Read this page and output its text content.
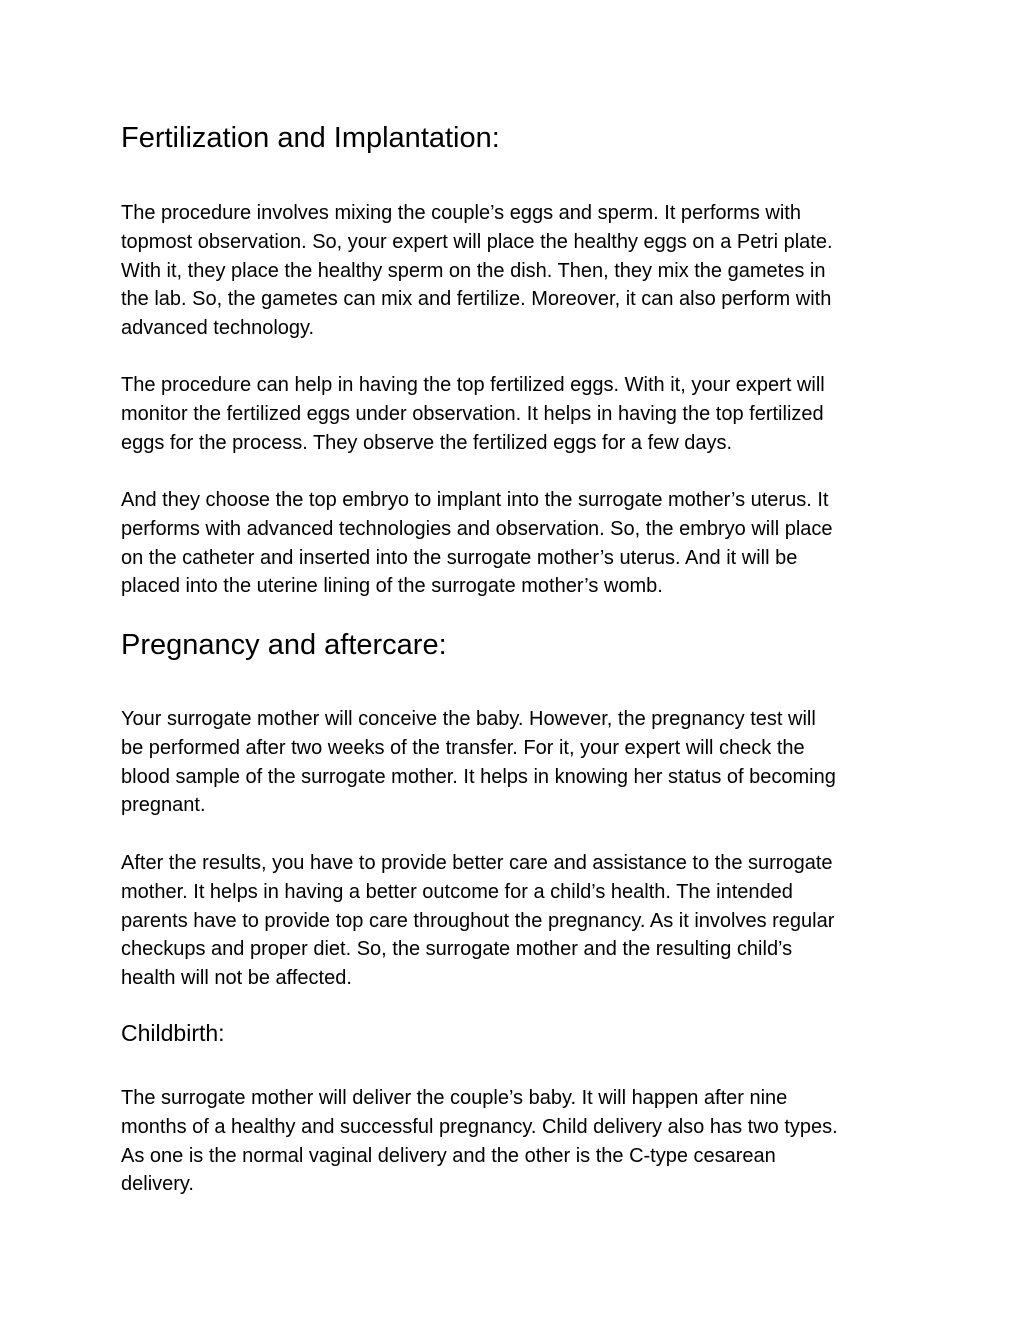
Fertilization and Implantation:

The procedure involves mixing the couple’s eggs and sperm. It performs with
topmost observation. So, your expert will place the healthy eggs on a Petri plate.
With it, they place the healthy sperm on the dish. Then, they mix the gametes in
the lab. So, the gametes can mix and fertilize. Moreover, it can also perform with
advanced technology.

The procedure can help in having the top fertilized eggs. With it, your expert will
monitor the fertilized eggs under observation. It helps in having the top fertilized
eggs for the process. They observe the fertilized eggs for a few days.

And they choose the top embryo to implant into the surrogate mother’s uterus. It
performs with advanced technologies and observation. So, the embryo will place
on the catheter and inserted into the surrogate mother’s uterus. And it will be
placed into the uterine lining of the surrogate mother’s womb.

Pregnancy and aftercare:

Your surrogate mother will conceive the baby. However, the pregnancy test will
be performed after two weeks of the transfer. For it, your expert will check the
blood sample of the surrogate mother. It helps in knowing her status of becoming
pregnant.

After the results, you have to provide better care and assistance to the surrogate
mother. It helps in having a better outcome for a child’s health. The intended
parents have to provide top care throughout the pregnancy. As it involves regular
checkups and proper diet. So, the surrogate mother and the resulting child’s
health will not be affected.

Childbirth:

The surrogate mother will deliver the couple’s baby. It will happen after nine
months of a healthy and successful pregnancy. Child delivery also has two types.
As one is the normal vaginal delivery and the other is the C-type cesarean
delivery.
